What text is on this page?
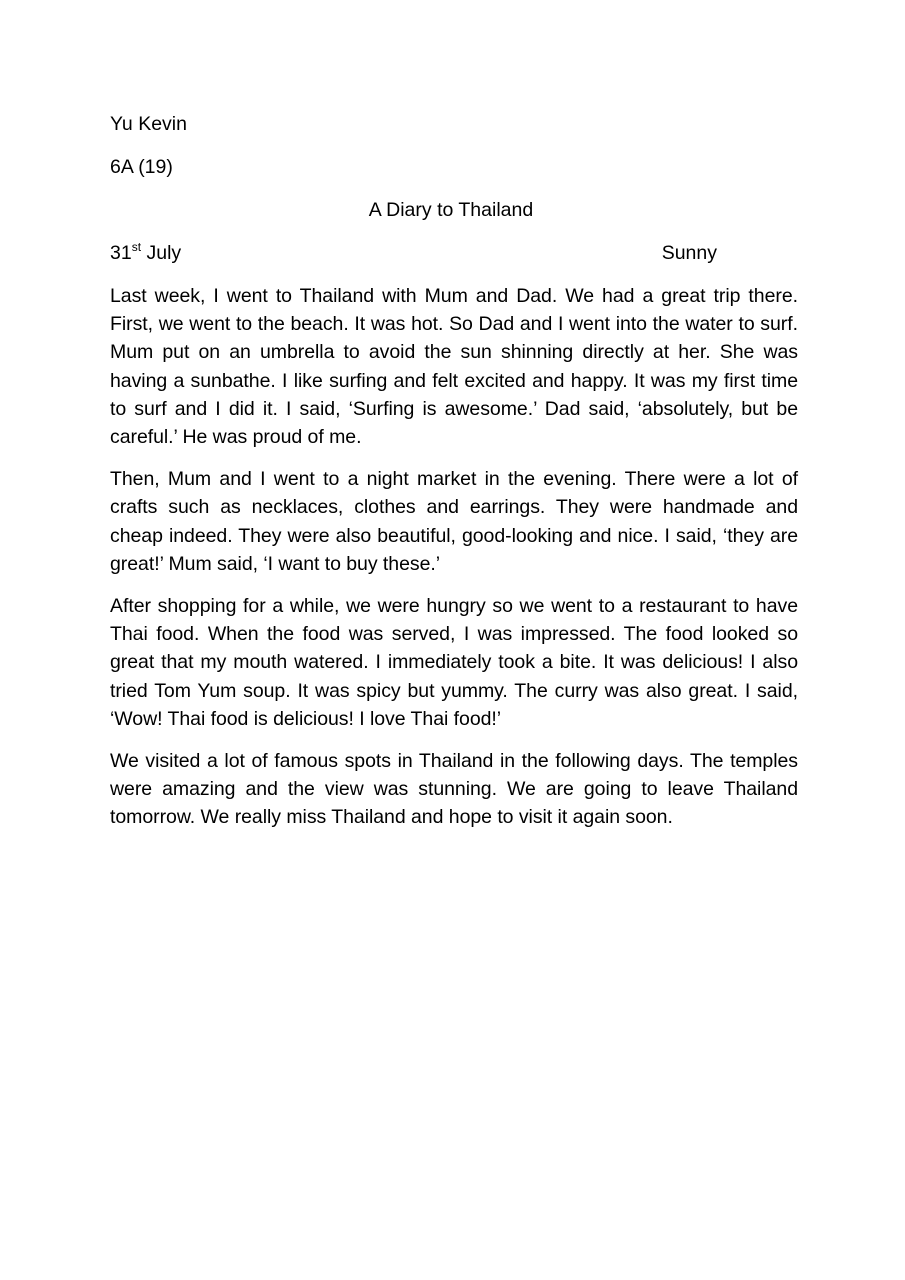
Yu Kevin
6A (19)
A Diary to Thailand
31st July	Sunny

Last week, I went to Thailand with Mum and Dad. We had a great trip there. First, we went to the beach. It was hot. So Dad and I went into the water to surf. Mum put on an umbrella to avoid the sun shinning directly at her. She was having a sunbathe. I like surfing and felt excited and happy. It was my first time to surf and I did it. I said, ‘Surfing is awesome.’ Dad said, ‘absolutely, but be careful.’ He was proud of me.

Then, Mum and I went to a night market in the evening. There were a lot of crafts such as necklaces, clothes and earrings. They were handmade and cheap indeed. They were also beautiful, good-looking and nice. I said, ‘they are great!’ Mum said, ‘I want to buy these.’

After shopping for a while, we were hungry so we went to a restaurant to have Thai food. When the food was served, I was impressed. The food looked so great that my mouth watered. I immediately took a bite. It was delicious! I also tried Tom Yum soup. It was spicy but yummy. The curry was also great. I said, ‘Wow! Thai food is delicious! I love Thai food!’

We visited a lot of famous spots in Thailand in the following days. The temples were amazing and the view was stunning. We are going to leave Thailand tomorrow. We really miss Thailand and hope to visit it again soon.
